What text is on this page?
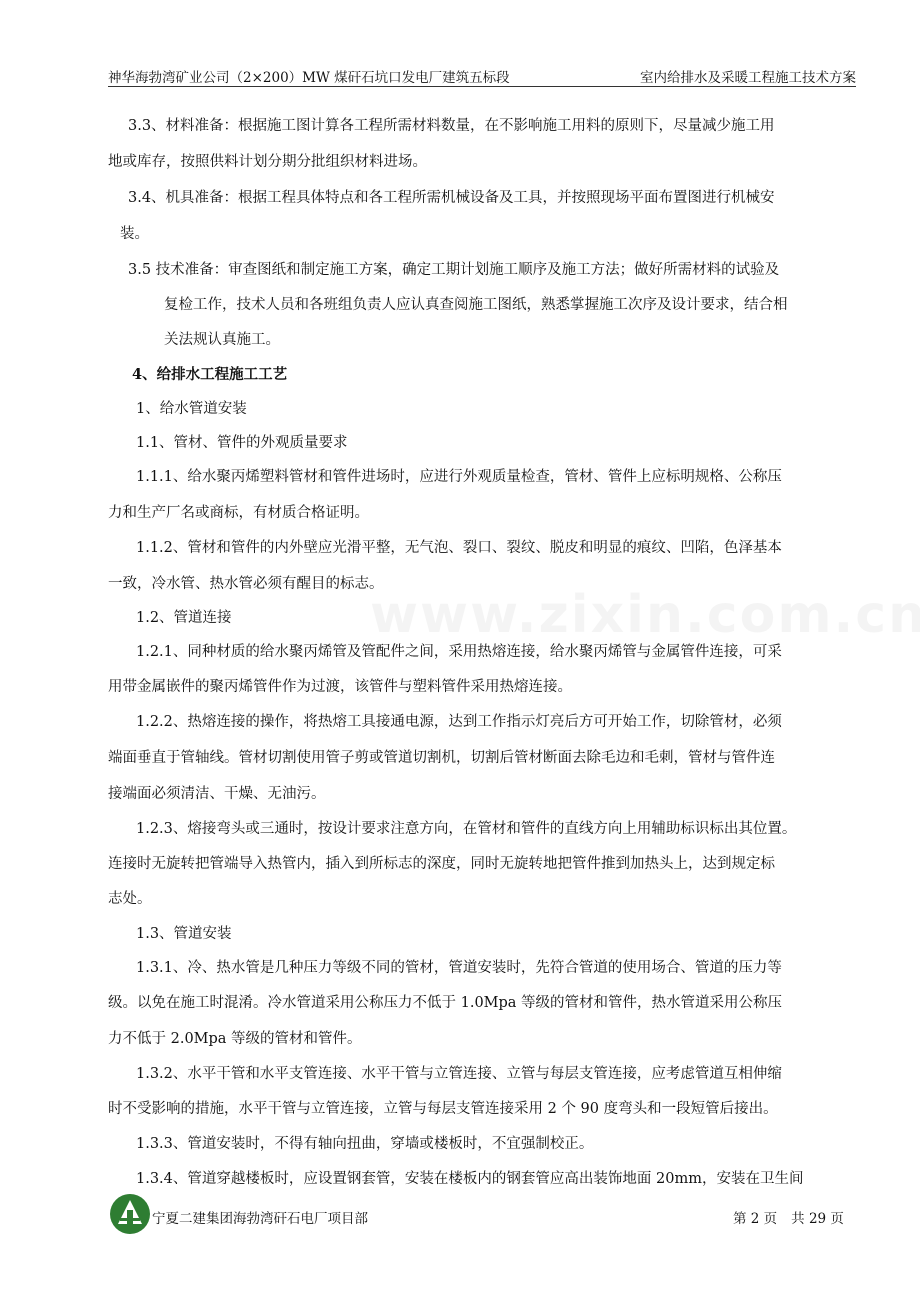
神华海勃湾矿业公司（2×200）MW 煤矸石坑口发电厂建筑五标段	室内给排水及采暖工程施工技术方案
3.3、材料准备：根据施工图计算各工程所需材料数量，在不影响施工用料的原则下，尽量减少施工用
地或库存，按照供料计划分期分批组织材料进场。
3.4、机具准备：根据工程具体特点和各工程所需机械设备及工具，并按照现场平面布置图进行机械安
装。
3.5 技术准备：审查图纸和制定施工方案，确定工期计划施工顺序及施工方法；做好所需材料的试验及
复检工作，技术人员和各班组负责人应认真查阅施工图纸，熟悉掌握施工次序及设计要求，结合相
关法规认真施工。
4、给排水工程施工工艺
1、给水管道安装
1.1、管材、管件的外观质量要求
1.1.1、给水聚丙烯塑料管材和管件进场时，应进行外观质量检查，管材、管件上应标明规格、公称压
力和生产厂名或商标，有材质合格证明。
1.1.2、管材和管件的内外壁应光滑平整，无气泡、裂口、裂纹、脱皮和明显的痕纹、凹陷，色泽基本
一致，冷水管、热水管必须有醒目的标志。
1.2、管道连接
1.2.1、同种材质的给水聚丙烯管及管配件之间，采用热熔连接，给水聚丙烯管与金属管件连接，可采
用带金属嵌件的聚丙烯管件作为过渡，该管件与塑料管件采用热熔连接。
1.2.2、热熔连接的操作，将热熔工具接通电源，达到工作指示灯亮后方可开始工作，切除管材，必须
端面垂直于管轴线。管材切割使用管子剪或管道切割机，切割后管材断面去除毛边和毛刺，管材与管件连
接端面必须清洁、干燥、无油污。
1.2.3、熔接弯头或三通时，按设计要求注意方向，在管材和管件的直线方向上用辅助标识标出其位置。
连接时无旋转把管端导入热管内，插入到所标志的深度，同时无旋转地把管件推到加热头上，达到规定标
志处。
1.3、管道安装
1.3.1、冷、热水管是几种压力等级不同的管材，管道安装时，先符合管道的使用场合、管道的压力等
级。以免在施工时混淆。冷水管道采用公称压力不低于 1.0Mpa 等级的管材和管件，热水管道采用公称压
力不低于 2.0Mpa 等级的管材和管件。
1.3.2、水平干管和水平支管连接、水平干管与立管连接、立管与每层支管连接，应考虑管道互相伸缩
时不受影响的措施，水平干管与立管连接，立管与每层支管连接采用 2 个 90 度弯头和一段短管后接出。
1.3.3、管道安装时，不得有轴向扭曲，穿墙或楼板时，不宜强制校正。
1.3.4、管道穿越楼板时，应设置钢套管，安装在楼板内的钢套管应高出装饰地面 20mm，安装在卫生间
宁夏二建集团海勃湾矸石电厂项目部	第 2 页 共 29 页
